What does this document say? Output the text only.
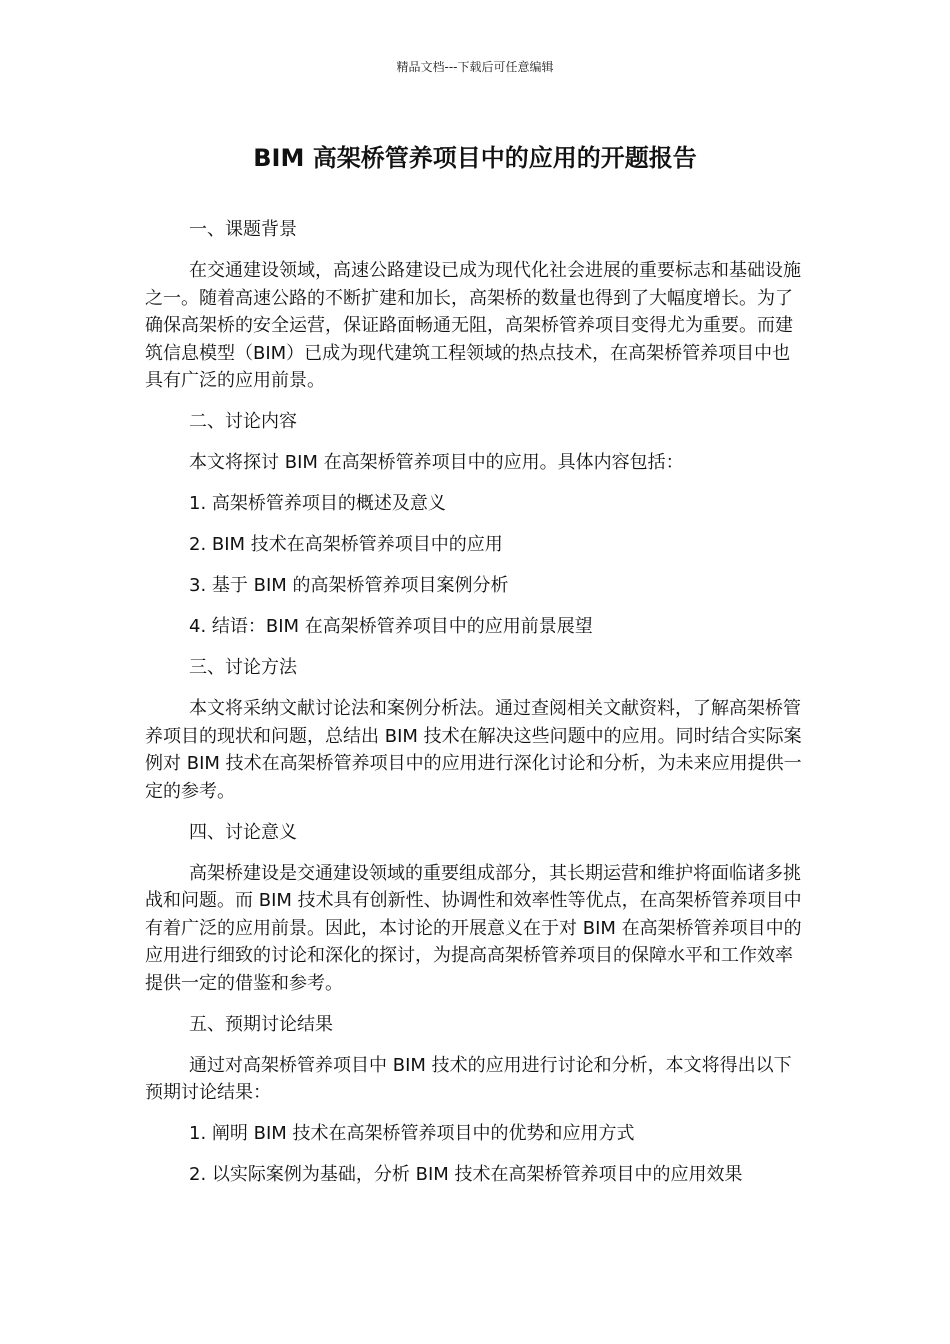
精品文档---下载后可任意编辑
BIM 高架桥管养项目中的应用的开题报告

一、课题背景

在交通建设领域，高速公路建设已成为现代化社会进展的重要标志和基础设施之一。随着高速公路的不断扩建和加长，高架桥的数量也得到了大幅度增长。为了确保高架桥的安全运营，保证路面畅通无阻，高架桥管养项目变得尤为重要。而建筑信息模型（BIM）已成为现代建筑工程领域的热点技术，在高架桥管养项目中也具有广泛的应用前景。

二、讨论内容

本文将探讨 BIM 在高架桥管养项目中的应用。具体内容包括：

1. 高架桥管养项目的概述及意义

2. BIM 技术在高架桥管养项目中的应用

3. 基于 BIM 的高架桥管养项目案例分析

4. 结语：BIM 在高架桥管养项目中的应用前景展望

三、讨论方法

本文将采纳文献讨论法和案例分析法。通过查阅相关文献资料，了解高架桥管养项目的现状和问题，总结出 BIM 技术在解决这些问题中的应用。同时结合实际案例对 BIM 技术在高架桥管养项目中的应用进行深化讨论和分析，为未来应用提供一定的参考。

四、讨论意义

高架桥建设是交通建设领域的重要组成部分，其长期运营和维护将面临诸多挑战和问题。而 BIM 技术具有创新性、协调性和效率性等优点，在高架桥管养项目中有着广泛的应用前景。因此，本讨论的开展意义在于对 BIM 在高架桥管养项目中的应用进行细致的讨论和深化的探讨，为提高高架桥管养项目的保障水平和工作效率提供一定的借鉴和参考。

五、预期讨论结果

通过对高架桥管养项目中 BIM 技术的应用进行讨论和分析，本文将得出以下预期讨论结果：

1. 阐明 BIM 技术在高架桥管养项目中的优势和应用方式

2. 以实际案例为基础，分析 BIM 技术在高架桥管养项目中的应用效果
